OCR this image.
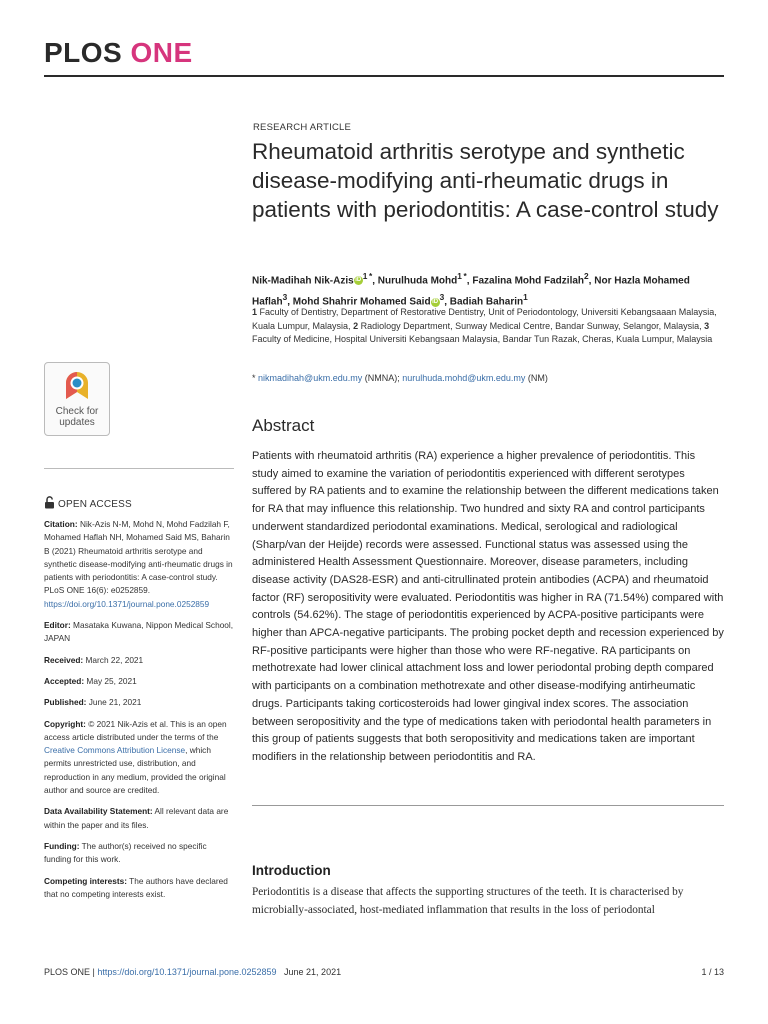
PLOS ONE
RESEARCH ARTICLE
Rheumatoid arthritis serotype and synthetic disease-modifying anti-rheumatic drugs in patients with periodontitis: A case-control study
Nik-Madihah Nik-Azis iD $^{1 *}$, Nurulhuda Mohd$^{1 *}$, Fazalina Mohd Fadzilah$^2$, Nor Hazla Mohamed Haflah$^3$, Mohd Shahrir Mohamed Said iD $^3$, Badiah Baharin$^1$
1 Faculty of Dentistry, Department of Restorative Dentistry, Unit of Periodontology, Universiti Kebangsaaan Malaysia, Kuala Lumpur, Malaysia, 2 Radiology Department, Sunway Medical Centre, Bandar Sunway, Selangor, Malaysia, 3 Faculty of Medicine, Hospital Universiti Kebangsaan Malaysia, Bandar Tun Razak, Cheras, Kuala Lumpur, Malaysia
* nikmadihah@ukm.edu.my (NMNA); nurulhuda.mohd@ukm.edu.my (NM)
Abstract

Patients with rheumatoid arthritis (RA) experience a higher prevalence of periodontitis. This study aimed to examine the variation of periodontitis experienced with different serotypes suffered by RA patients and to examine the relationship between the different medications taken for RA that may influence this relationship. Two hundred and sixty RA and control participants underwent standardized periodontal examinations. Medical, serological and radiological (Sharp/van der Heijde) records were assessed. Functional status was assessed using the administered Health Assessment Questionnaire. Moreover, disease parameters, including disease activity (DAS28-ESR) and anti-citrullinated protein antibodies (ACPA) and rheumatoid factor (RF) seropositivity were evaluated. Periodontitis was higher in RA (71.54%) compared with controls (54.62%). The stage of periodontitis experienced by ACPA-positive participants were higher than APCA-negative participants. The probing pocket depth and recession experienced by RF-positive participants were higher than those who were RF-negative. RA participants on methotrexate had lower clinical attachment loss and lower periodontal probing depth compared with participants on a combination methotrexate and other disease-modifying antirheumatic drugs. Participants taking corticosteroids had lower gingival index scores. The association between seropositivity and the type of medications taken with periodontal health parameters in this group of patients suggests that both seropositivity and medications taken are important modifiers in the relationship between periodontitis and RA.

Introduction

Periodontitis is a disease that affects the supporting structures of the teeth. It is characterised by microbially-associated, host-mediated inflammation that results in the loss of periodontal

Check for
updates
OPEN ACCESS

Citation: Nik-Azis N-M, Mohd N, Mohd Fadzilah F, Mohamed Haflah NH, Mohamed Said MS, Baharin B (2021) Rheumatoid arthritis serotype and synthetic disease-modifying anti-rheumatic drugs in patients with periodontitis: A case-control study. PLoS ONE 16(6): e0252859. https://doi.org/10.1371/journal.pone.0252859

Editor: Masataka Kuwana, Nippon Medical School, JAPAN

Received: March 22, 2021

Accepted: May 25, 2021

Published: June 21, 2021

Copyright: © 2021 Nik-Azis et al. This is an open access article distributed under the terms of the Creative Commons Attribution License, which permits unrestricted use, distribution, and reproduction in any medium, provided the original author and source are credited.

Data Availability Statement: All relevant data are within the paper and its files.

Funding: The author(s) received no specific funding for this work.

Competing interests: The authors have declared that no competing interests exist.

PLOS ONE | https://doi.org/10.1371/journal.pone.0252859 June 21, 2021	1 / 13
